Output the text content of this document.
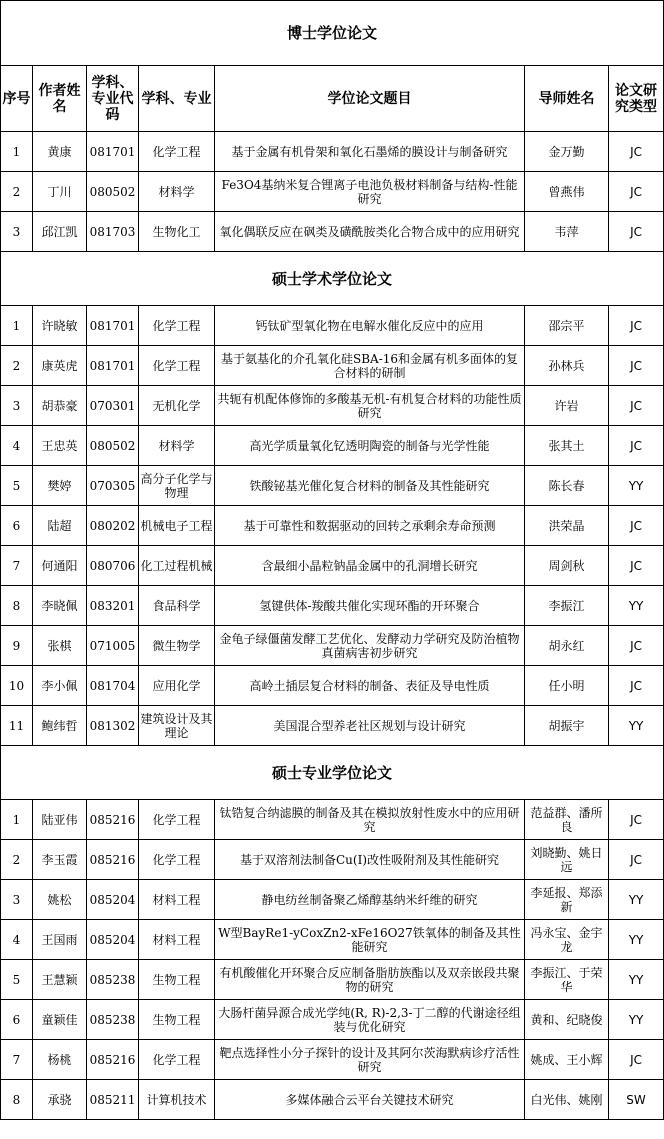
博士学位论文						
序号	作者姓名	学科、专业代码	学科、专业	学位论文题目	导师姓名	论文研究类型
1	黄康	081701	化学工程	基于金属有机骨架和氧化石墨烯的膜设计与制备研究	金万勤	JC
2	丁川	080502	材料学	Fe3O4基纳米复合锂离子电池负极材料制备与结构-性能研究	曾燕伟	JC
3	邱江凯	081703	生物化工	氧化偶联反应在砜类及磺酰胺类化合物合成中的应用研究	韦萍	JC
硕士学术学位论文						
1	许晓敏	081701	化学工程	钙钛矿型氧化物在电解水催化反应中的应用	邵宗平	JC
2	康英虎	081701	化学工程	基于氨基化的介孔氧化硅SBA-16和金属有机多面体的复合材料的研制	孙林兵	JC
3	胡恭豪	070301	无机化学	共轭有机配体修饰的多酸基无机-有机复合材料的功能性质研究	许岩	JC
4	王忠英	080502	材料学	高光学质量氧化钇透明陶瓷的制备与光学性能	张其土	JC
5	樊婷	070305	高分子化学与物理	铁酸铋基光催化复合材料的制备及其性能研究	陈长春	YY
6	陆超	080202	机械电子工程	基于可靠性和数据驱动的回转之承剩余寿命预测	洪荣晶	JC
7	何通阳	080706	化工过程机械	含最细小晶粒钠晶金属中的孔洞增长研究	周剑秋	JC
8	李晓佩	083201	食品科学	氢键供体-羧酸共催化实现环酯的开环聚合	李振江	YY
9	张棋	071005	微生物学	金龟子绿僵菌发酵工艺优化、发酵动力学研究及防治植物真菌病害初步研究	胡永红	JC
10	李小佩	081704	应用化学	高岭土插层复合材料的制备、表征及导电性质	任小明	JC
11	鲍纬哲	081302	建筑设计及其理论	美国混合型养老社区规划与设计研究	胡振宇	YY
硕士专业学位论文						
1	陆亚伟	085216	化学工程	钛锆复合纳滤膜的制备及其在模拟放射性废水中的应用研究	范益群、潘所良	JC
2	李玉霞	085216	化学工程	基于双溶剂法制备Cu(I)改性吸附剂及其性能研究	刘晓勤、姚日远	JC
3	姚松	085204	材料工程	静电纺丝制备聚乙烯醇基纳米纤维的研究	李延报、郑添新	YY
4	王国雨	085204	材料工程	W型BayRe1-yCoxZn2-xFe16O27铁氧体的制备及其性能研究	冯永宝、金宇龙	YY
5	王慧颖	085238	生物工程	有机酸催化开环聚合反应制备脂肪族酯以及双亲嵌段共聚物的研究	李振江、于荣华	YY
6	童颖佳	085238	生物工程	大肠杆菌异源合成光学纯(R, R)-2,3-丁二醇的代谢途径组装与优化研究	黄和、纪晓俊	YY
7	杨桃	085216	化学工程	靶点选择性小分子探针的设计及其阿尔茨海默病诊疗活性研究	姚成、王小辉	JC
8	承骁	085211	计算机技术	多媒体融合云平台关键技术研究	白光伟、姚刚	SW
